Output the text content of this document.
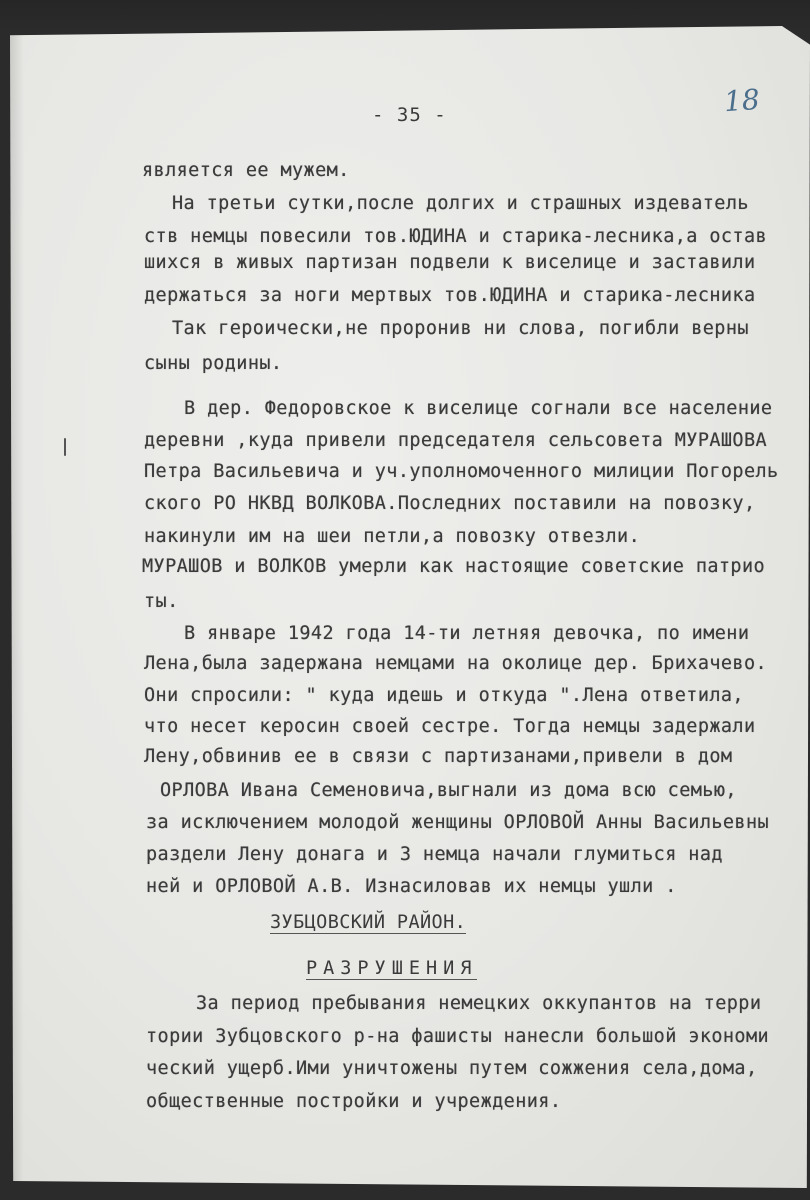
- 35 -	18
является ее мужем.
На третьи сутки,после долгих и страшных издеватель
ств немцы повесили тов.ЮДИНА и старика-лесника,а остав
шихся в живых партизан подвели к виселице и заставили
держаться за ноги мертвых тов.ЮДИНА и старика-лесника
Так героически,не проронив ни слова, погибли верны
сыны родины.
В дер. Федоровское к виселице согнали все население
деревни ,куда привели председателя сельсовета МУРАШОВА
Петра Васильевича и уч.уполномоченного милиции Погорель
ского РО НКВД ВОЛКОВА.Последних поставили на повозку,
накинули им на шеи петли,а повозку отвезли.
МУРАШОВ и ВОЛКОВ умерли как настоящие советские патрио
ты.
В январе 1942 года 14-ти летняя девочка, по имени
Лена,была задержана немцами на околице дер. Брихачево.
Они спросили: " куда идешь и откуда ".Лена ответила,
что несет керосин своей сестре. Тогда немцы задержали
Лену,обвинив ее в связи с партизанами,привели в дом
ОРЛОВА Ивана Семеновича,выгнали из дома всю семью,
за исключением молодой женщины ОРЛОВОЙ Анны Васильевны
раздели Лену донага и 3 немца начали глумиться над
ней и ОРЛОВОЙ А.В. Изнасиловав их немцы ушли .
ЗУБЦОВСКИЙ РАЙОН.
РАЗРУШЕНИЯ
За период пребывания немецких оккупантов на терри
тории Зубцовского р-на фашисты нанесли большой экономи
ческий ущерб.Ими уничтожены путем сожжения села,дома,
общественные постройки и учреждения.
